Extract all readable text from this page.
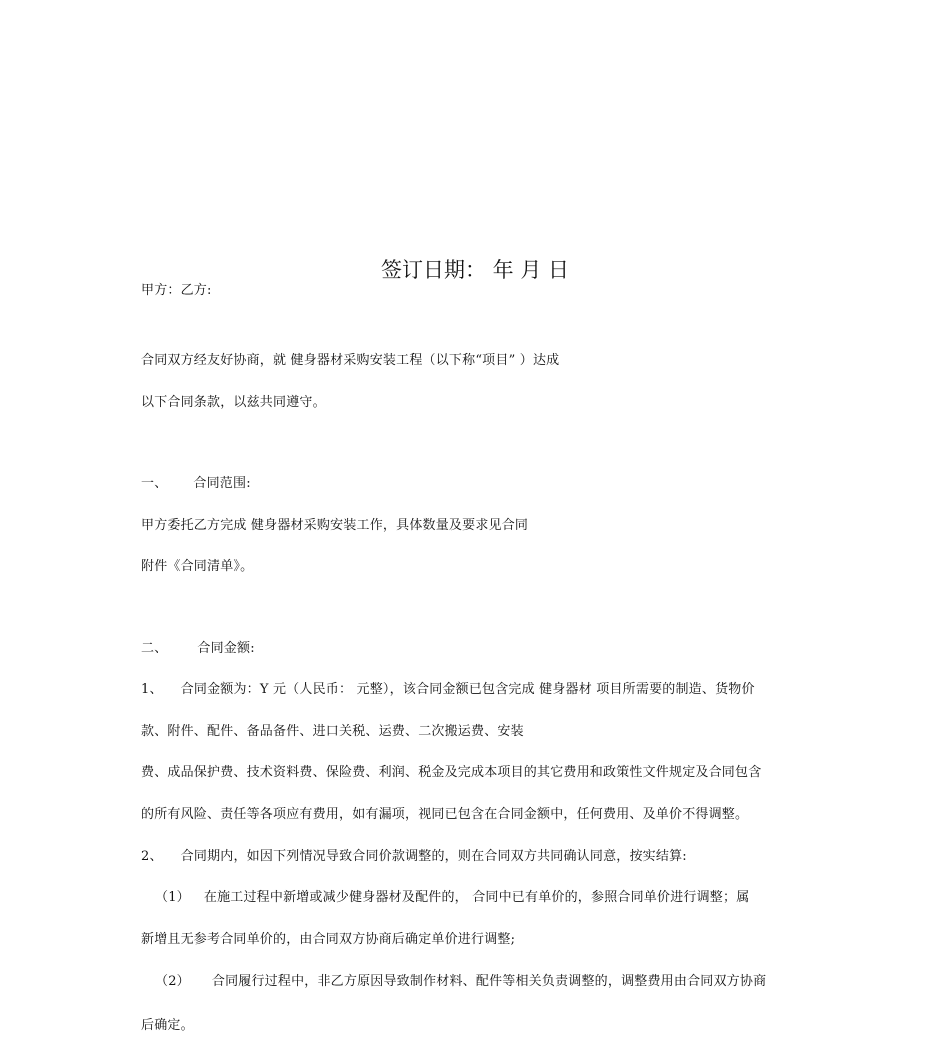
签订日期： 年 月 日
甲方：乙方:
合同双方经友好协商，就 健身器材采购安装工程（以下称“项目” ）达成
以下合同条款，以兹共同遵守。
一、 合同范围:
甲方委托乙方完成 健身器材采购安装工作，具体数量及要求见合同
附件《合同清单》。
二、 合同金额:
1、 合同金额为：Y 元（人民币： 元整），该合同金额已包含完成 健身器材 项目所需要的制造、货物价
款、附件、配件、备品备件、进口关税、运费、二次搬运费、安装
费、成品保护费、技术资料费、保险费、利润、税金及完成本项目的其它费用和政策性文件规定及合同包含
的所有风险、责任等各项应有费用，如有漏项，视同已包含在合同金额中，任何费用、及单价不得调整。
2、 合同期内，如因下列情况导致合同价款调整的，则在合同双方共同确认同意，按实结算:
（1） 在施工过程中新增或减少健身器材及配件的， 合同中已有单价的，参照合同单价进行调整；属
新增且无参考合同单价的，由合同双方协商后确定单价进行调整;
（2） 合同履行过程中，非乙方原因导致制作材料、配件等相关负责调整的，调整费用由合同双方协商
后确定。
